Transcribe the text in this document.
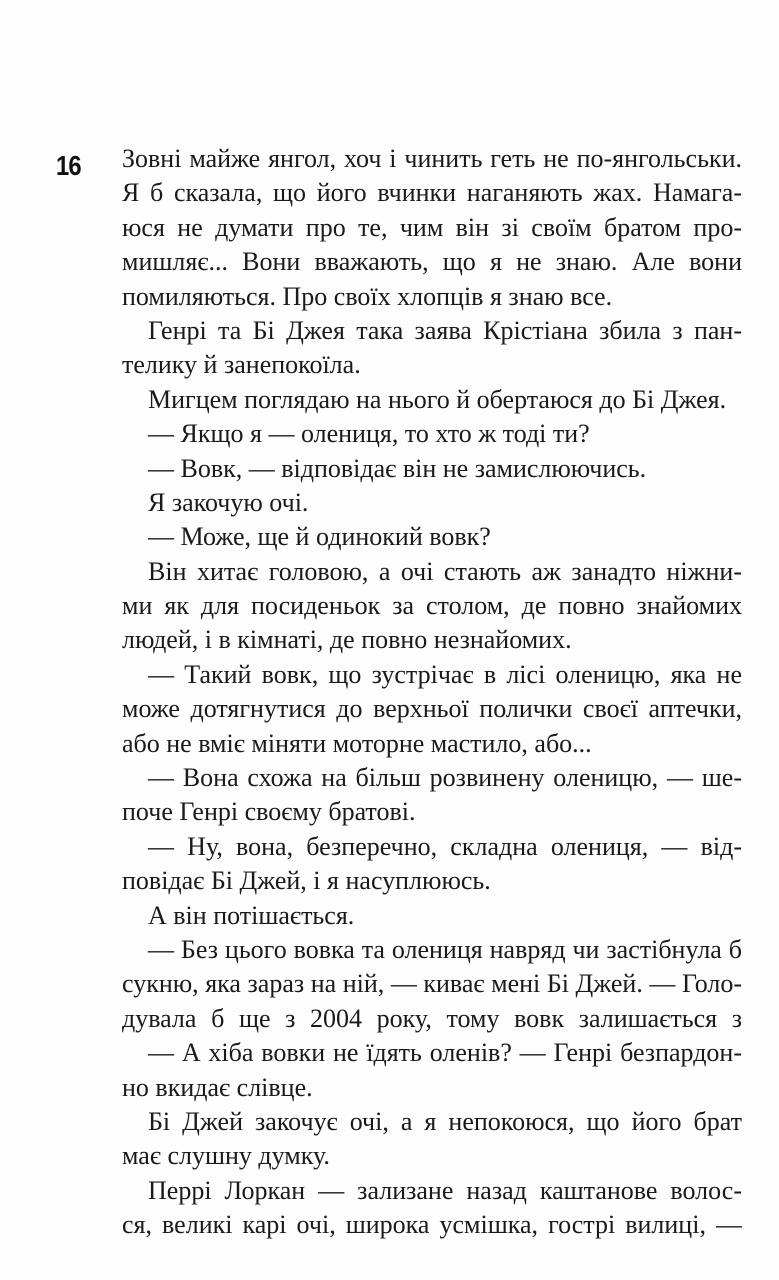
16 Зовні майже янгол, хоч і чинить геть не по-янгольськи.
Я б сказала, що його вчинки наганяють жах. Намага-
юся не думати про те, чим він зі своїм братом про-
мишляє... Вони вважають, що я не знаю. Але вони
помиляються. Про своїх хлопців я знаю все.
Генрі та Бі Джея така заява Крістіана збила з пан-
телику й занепокоїла.
Мигцем поглядаю на нього й обертаюся до Бі Джея.
— Якщо я — олениця, то хто ж тоді ти?
— Вовк, — відповідає він не замислюючись.
Я закочую очі.
— Може, ще й одинокий вовк?
Він хитає головою, а очі стають аж занадто ніжни-
ми як для посиденьок за столом, де повно знайомих
людей, і в кімнаті, де повно незнайомих.
— Такий вовк, що зустрічає в лісі оленицю, яка не
може дотягнутися до верхньої полички своєї аптечки,
або не вміє міняти моторне мастило, або...
— Вона схожа на більш розвинену оленицю, — ше-
поче Генрі своєму братові.
— Ну, вона, безперечно, складна олениця, — від-
повідає Бі Джей, і я насуплююсь.
А він потішається.
— Без цього вовка та олениця навряд чи застібнула б
сукню, яка зараз на ній, — киває мені Бі Джей. — Голо-
дувала б ще з 2004 року, тому вовк залишається з
— А хіба вовки не їдять оленів? — Генрі безпардон-
но вкидає слівце.
Бі Джей закочує очі, а я непокоюся, що його брат
має слушну думку.
Перрі Лоркан — зализане назад каштанове волос-
ся, великі карі очі, широка усмішка, гострі вилиці, —
